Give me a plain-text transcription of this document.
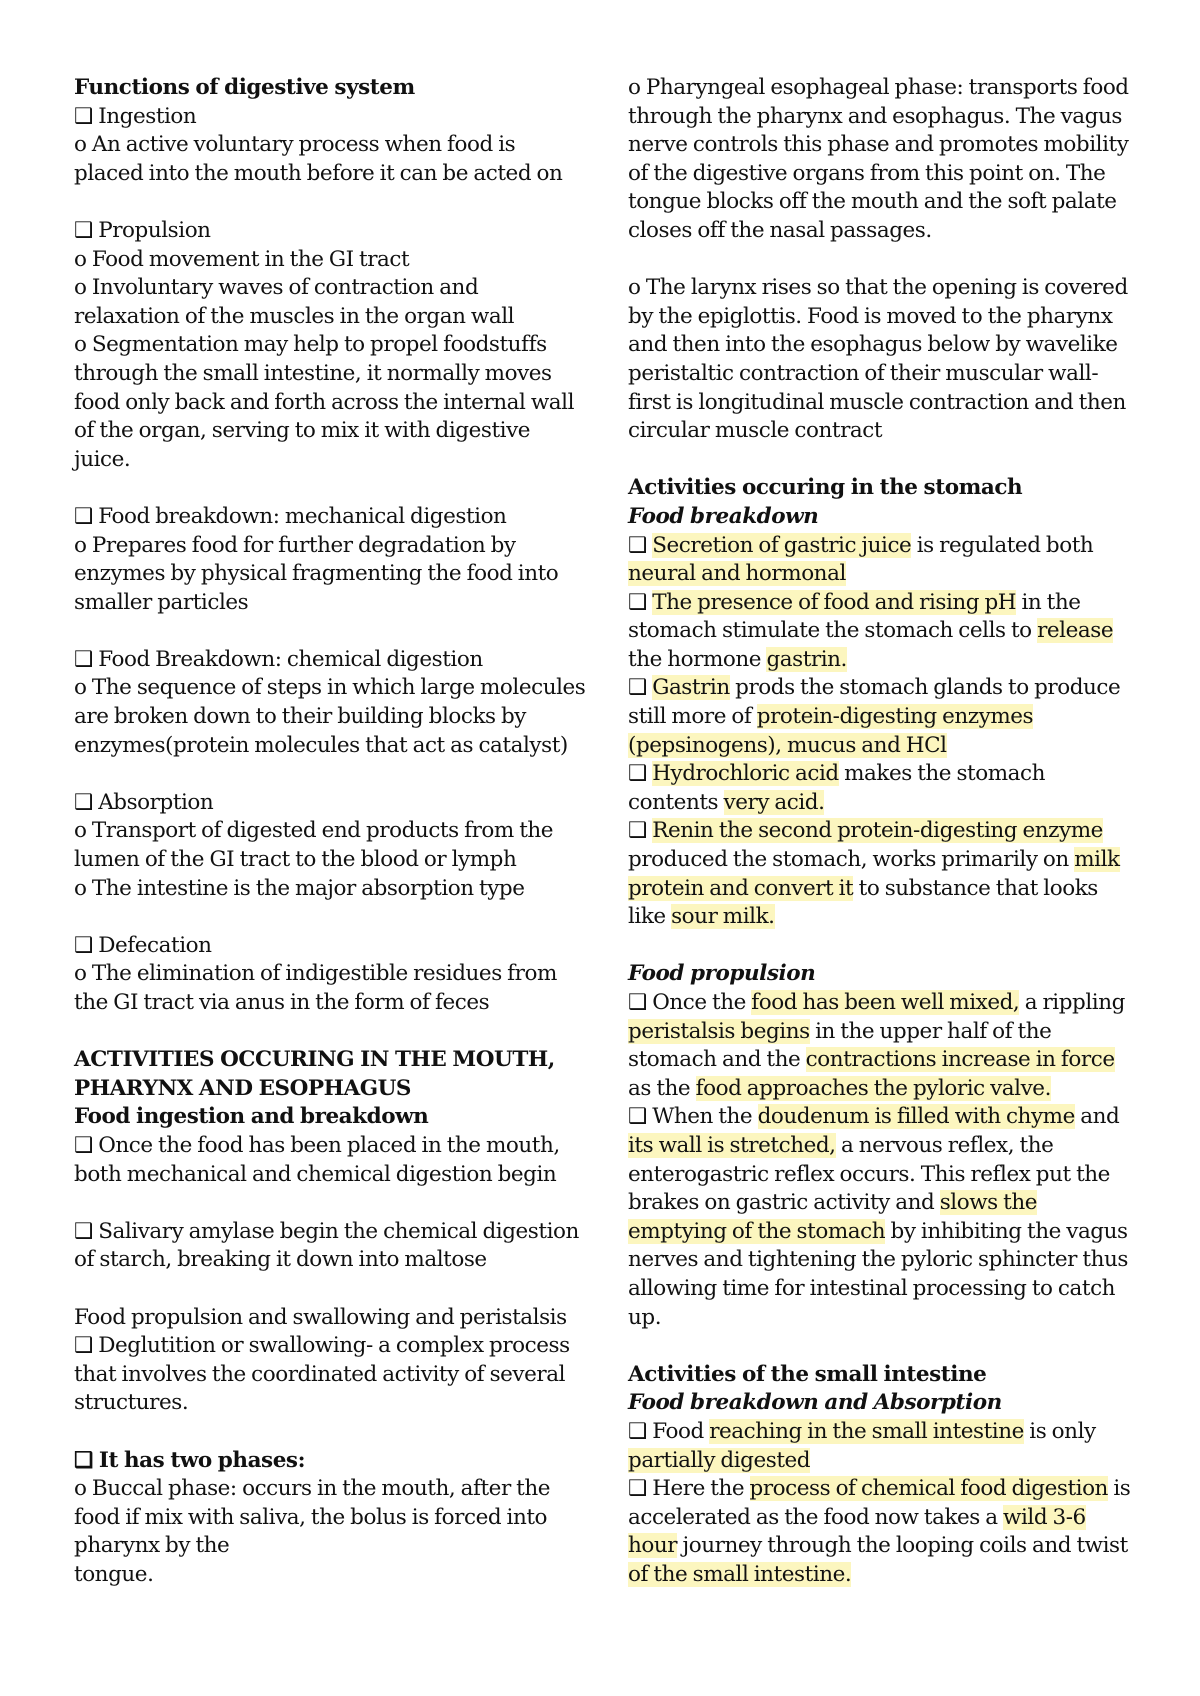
Functions of digestive system
❑ Ingestion
o An active voluntary process when food is
placed into the mouth before it can be acted on
❑ Propulsion
o Food movement in the GI tract
o Involuntary waves of contraction and
relaxation of the muscles in the organ wall
o Segmentation may help to propel foodstuffs
through the small intestine, it normally moves
food only back and forth across the internal wall
of the organ, serving to mix it with digestive
juice.
❑ Food breakdown: mechanical digestion
o Prepares food for further degradation by
enzymes by physical fragmenting the food into
smaller particles
❑ Food Breakdown: chemical digestion
o The sequence of steps in which large molecules
are broken down to their building blocks by
enzymes(protein molecules that act as catalyst)
❑ Absorption
o Transport of digested end products from the
lumen of the GI tract to the blood or lymph
o The intestine is the major absorption type
❑ Defecation
o The elimination of indigestible residues from
the GI tract via anus in the form of feces
ACTIVITIES OCCURING IN THE MOUTH,
PHARYNX AND ESOPHAGUS
Food ingestion and breakdown
❑ Once the food has been placed in the mouth,
both mechanical and chemical digestion begin
❑ Salivary amylase begin the chemical digestion
of starch, breaking it down into maltose
Food propulsion and swallowing and peristalsis
❑ Deglutition or swallowing- a complex process
that involves the coordinated activity of several
structures.
❑ It has two phases:
o Buccal phase: occurs in the mouth, after the
food if mix with saliva, the bolus is forced into
pharynx by the
tongue.
o Pharyngeal esophageal phase: transports food
through the pharynx and esophagus. The vagus
nerve controls this phase and promotes mobility
of the digestive organs from this point on. The
tongue blocks off the mouth and the soft palate
closes off the nasal passages.
o The larynx rises so that the opening is covered
by the epiglottis. Food is moved to the pharynx
and then into the esophagus below by wavelike
peristaltic contraction of their muscular wall-
first is longitudinal muscle contraction and then
circular muscle contract
Activities occuring in the stomach
Food breakdown
❑ Secretion of gastric juice is regulated both
neural and hormonal
❑ The presence of food and rising pH in the
stomach stimulate the stomach cells to release
the hormone gastrin.
❑ Gastrin prods the stomach glands to produce
still more of protein-digesting enzymes
(pepsinogens), mucus and HCl
❑ Hydrochloric acid makes the stomach
contents very acid.
❑ Renin the second protein-digesting enzyme
produced the stomach, works primarily on milk
protein and convert it to substance that looks
like sour milk.
Food propulsion
❑ Once the food has been well mixed, a rippling
peristalsis begins in the upper half of the
stomach and the contractions increase in force
as the food approaches the pyloric valve.
❑ When the doudenum is filled with chyme and
its wall is stretched, a nervous reflex, the
enterogastric reflex occurs. This reflex put the
brakes on gastric activity and slows the
emptying of the stomach by inhibiting the vagus
nerves and tightening the pyloric sphincter thus
allowing time for intestinal processing to catch
up.
Activities of the small intestine
Food breakdown and Absorption
❑ Food reaching in the small intestine is only
partially digested
❑ Here the process of chemical food digestion is
accelerated as the food now takes a wild 3-6
hour journey through the looping coils and twist
of the small intestine.
